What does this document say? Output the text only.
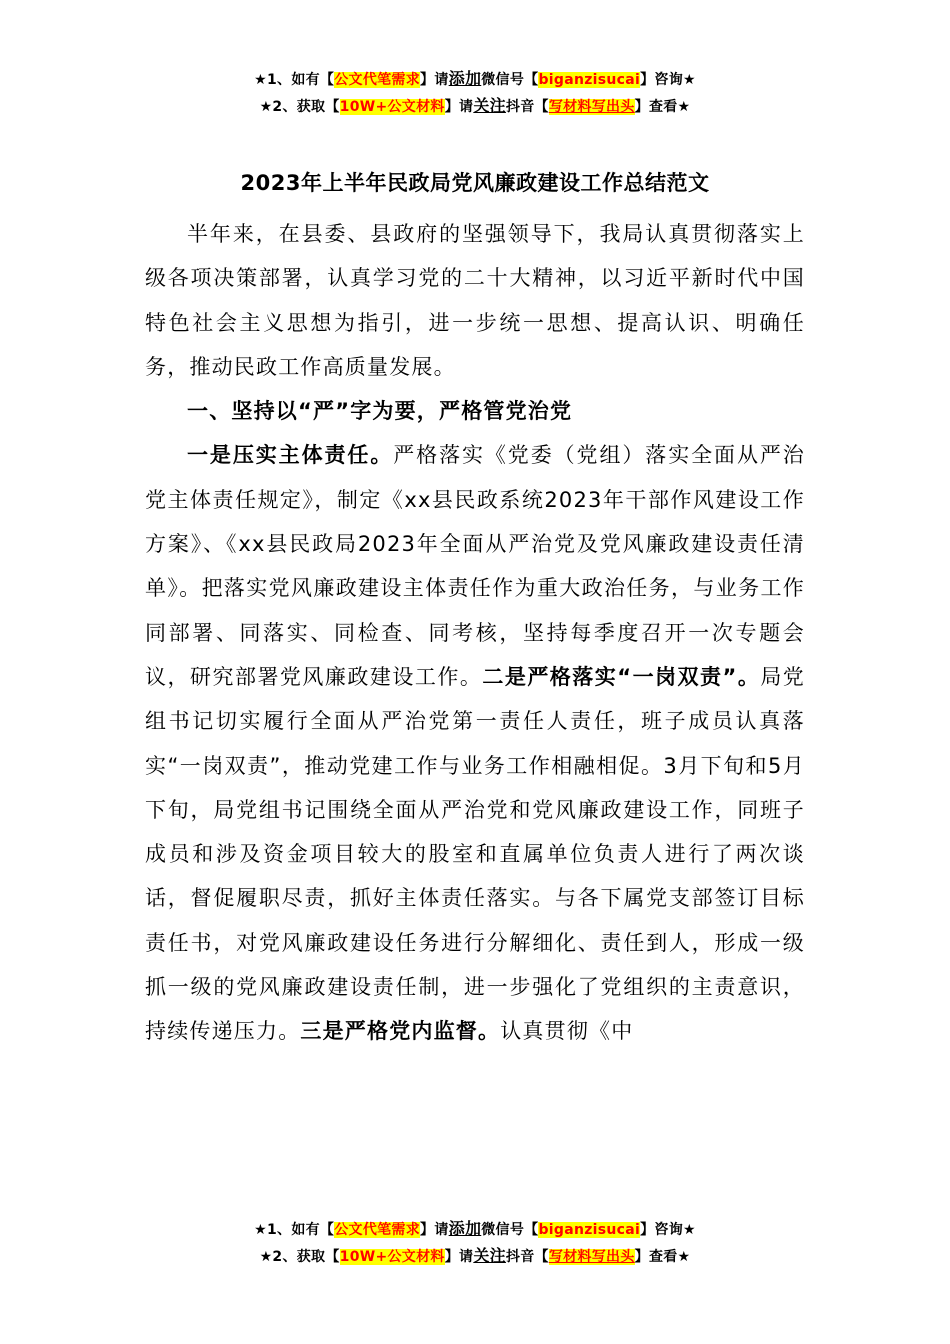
★1、如有【公文代笔需求】请添加微信号【biganzisucai】咨询★
★2、获取【10W+公文材料】请关注抖音【写材料写出头】查看★
2023年上半年民政局党风廉政建设工作总结范文

半年来，在县委、县政府的坚强领导下，我局认真贯彻落实上级各项决策部署，认真学习党的二十大精神，以习近平新时代中国特色社会主义思想为指引，进一步统一思想、提高认识、明确任务，推动民政工作高质量发展。

一、坚持以“严”字为要，严格管党治党

一是压实主体责任。严格落实《党委（党组）落实全面从严治党主体责任规定》，制定《xx县民政系统2023年干部作风建设工作方案》、《xx县民政局2023年全面从严治党及党风廉政建设责任清单》。把落实党风廉政建设主体责任作为重大政治任务，与业务工作同部署、同落实、同检查、同考核，坚持每季度召开一次专题会议，研究部署党风廉政建设工作。二是严格落实“一岗双责”。局党组书记切实履行全面从严治党第一责任人责任，班子成员认真落实“一岗双责”，推动党建工作与业务工作相融相促。3月下旬和5月下旬，局党组书记围绕全面从严治党和党风廉政建设工作，同班子成员和涉及资金项目较大的股室和直属单位负责人进行了两次谈话，督促履职尽责，抓好主体责任落实。与各下属党支部签订目标责任书，对党风廉政建设任务进行分解细化、责任到人，形成一级抓一级的党风廉政建设责任制，进一步强化了党组织的主责意识，持续传递压力。三是严格党内监督。认真贯彻《中

★1、如有【公文代笔需求】请添加微信号【biganzisucai】咨询★
★2、获取【10W+公文材料】请关注抖音【写材料写出头】查看★
